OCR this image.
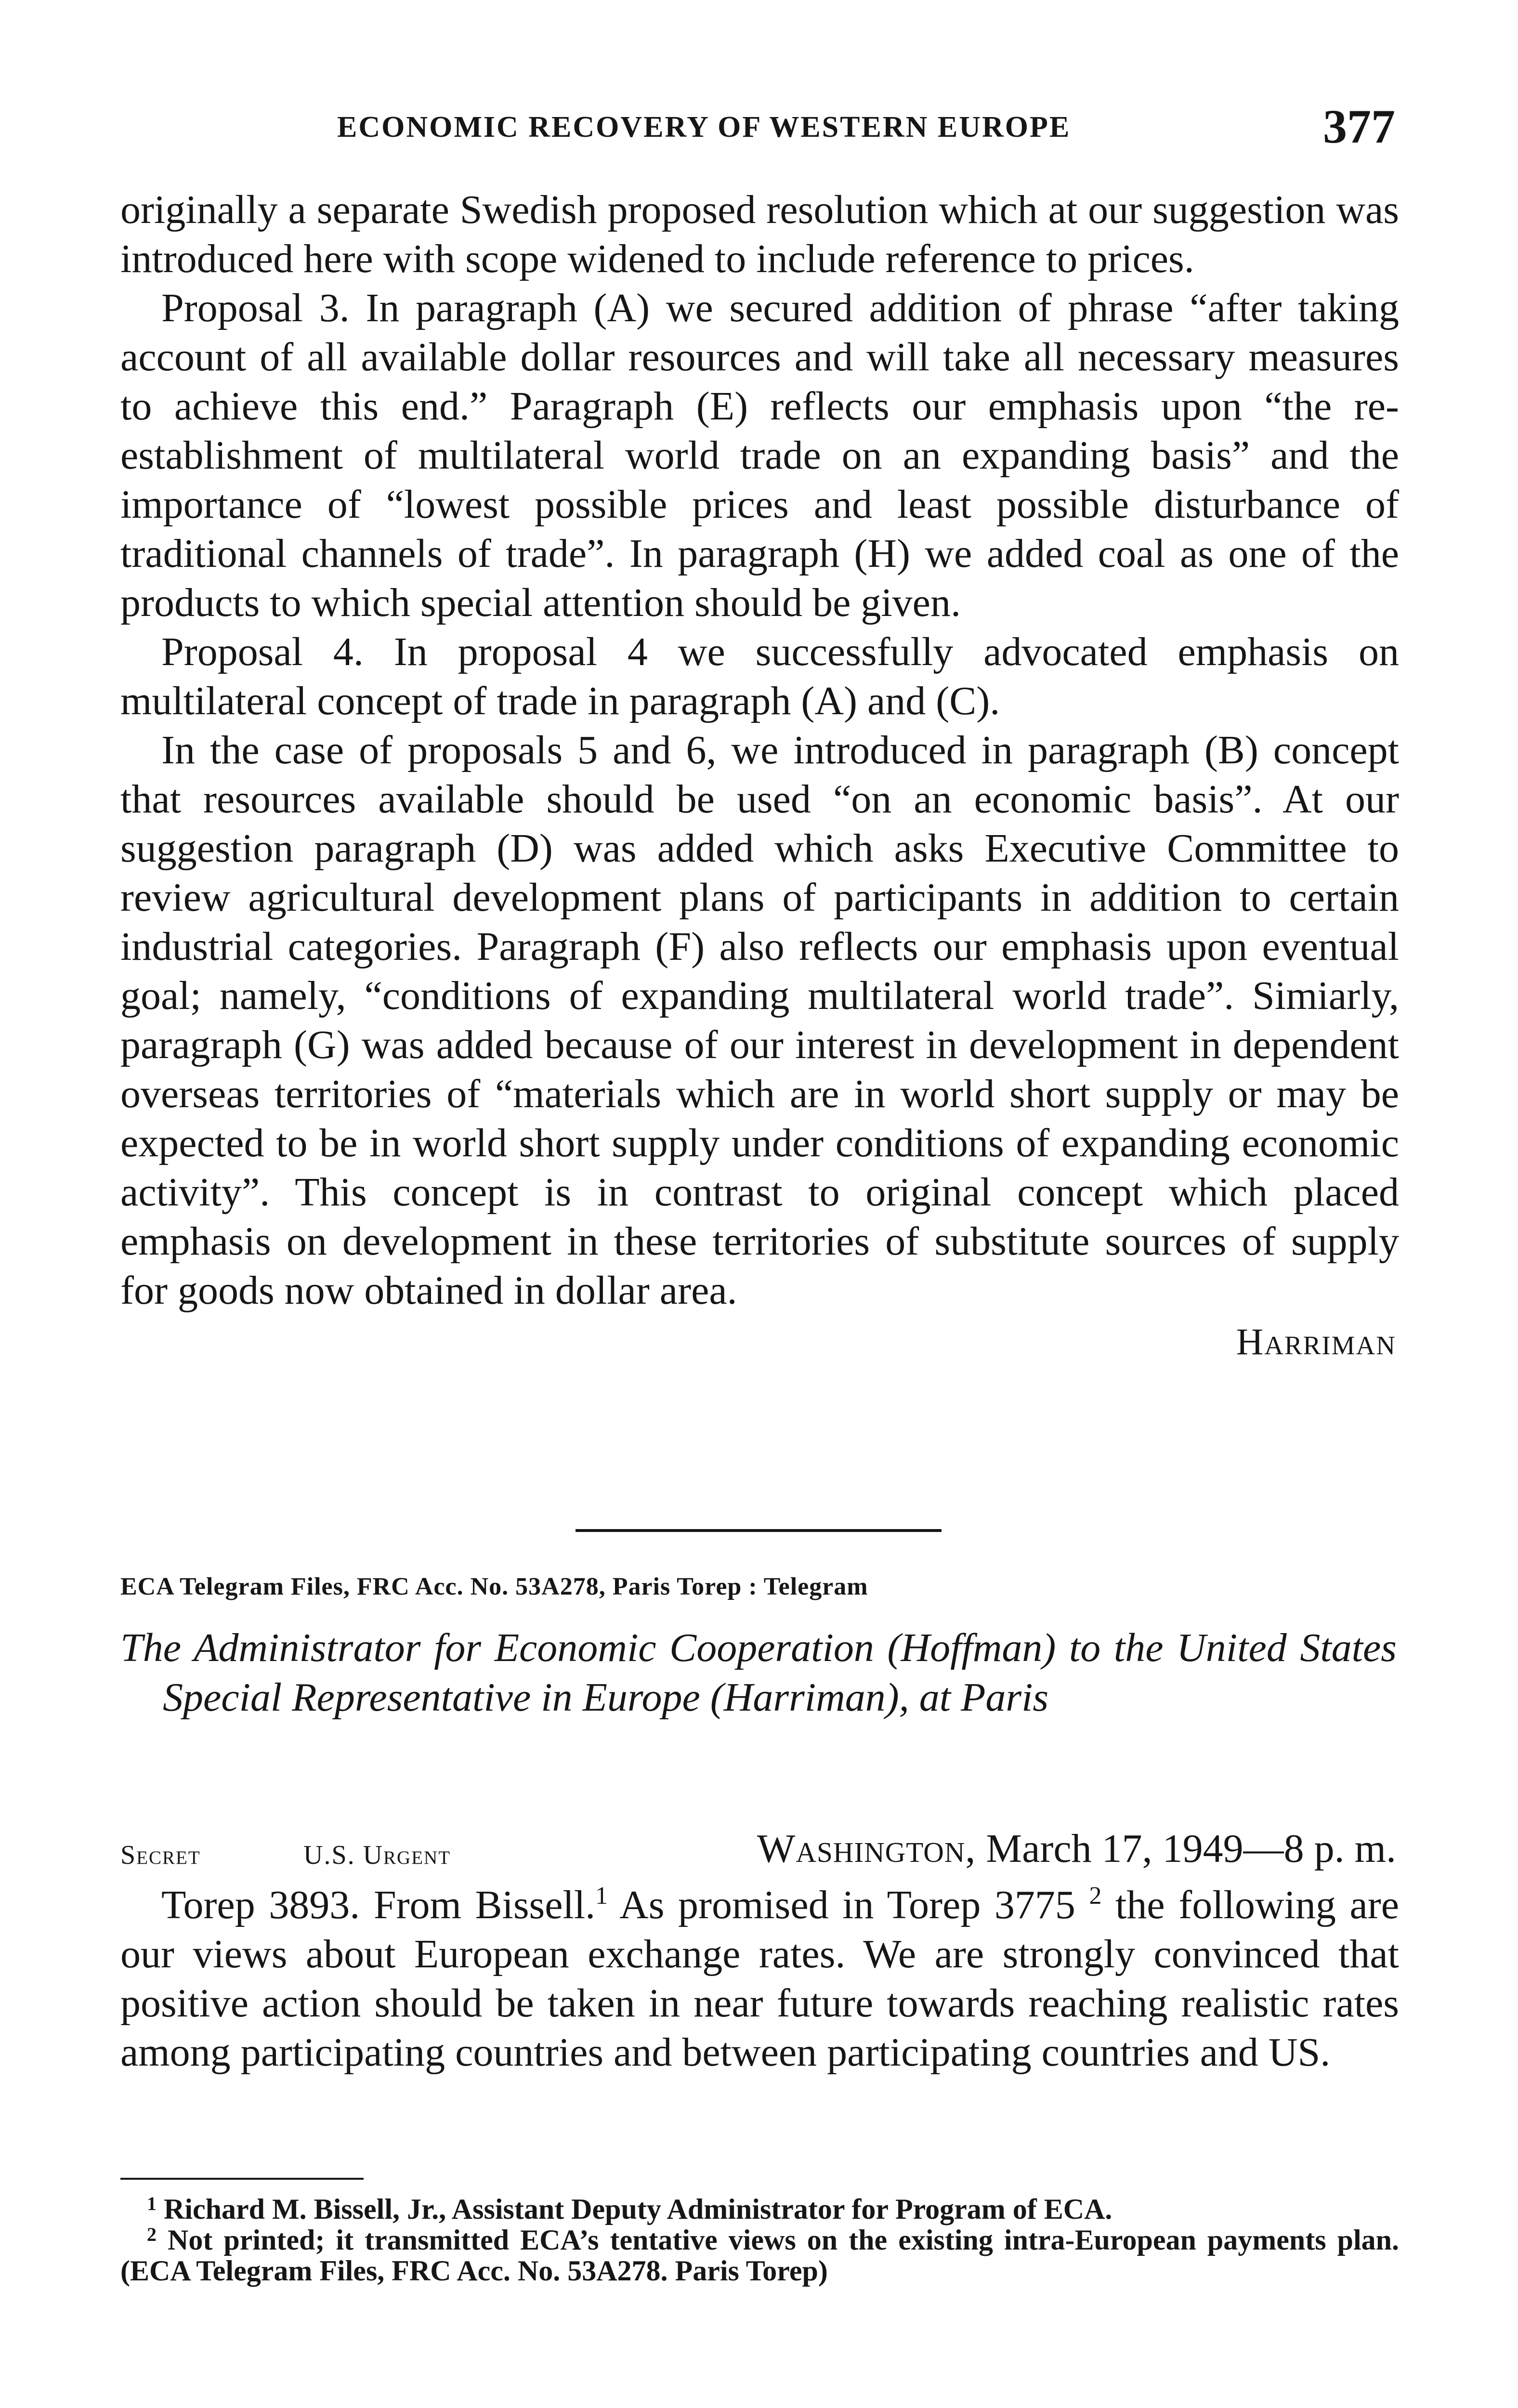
ECONOMIC RECOVERY OF WESTERN EUROPE	377

originally a separate Swedish proposed resolution which at our suggestion was introduced here with scope widened to include reference to prices.

Proposal 3. In paragraph (A) we secured addition of phrase “after taking account of all available dollar resources and will take all necessary measures to achieve this end.” Paragraph (E) reflects our emphasis upon “the re-establishment of multilateral world trade on an expanding basis” and the importance of “lowest possible prices and least possible disturbance of traditional channels of trade”. In paragraph (H) we added coal as one of the products to which special attention should be given.

Proposal 4. In proposal 4 we successfully advocated emphasis on multilateral concept of trade in paragraph (A) and (C).

In the case of proposals 5 and 6, we introduced in paragraph (B) concept that resources available should be used “on an economic basis”. At our suggestion paragraph (D) was added which asks Executive Committee to review agricultural development plans of participants in addition to certain industrial categories. Paragraph (F) also reflects our emphasis upon eventual goal; namely, “conditions of expanding multilateral world trade”. Simiarly, paragraph (G) was added because of our interest in development in dependent overseas territories of “materials which are in world short supply or may be expected to be in world short supply under conditions of expanding economic activity”. This concept is in contrast to original concept which placed emphasis on development in these territories of substitute sources of supply for goods now obtained in dollar area.

Harriman
ECA Telegram Files, FRC Acc. No. 53A278, Paris Torep : Telegram
The Administrator for Economic Cooperation (Hoffman) to the United States Special Representative in Europe (Harriman), at Paris
Secret	U.S. Urgent	Washington, March 17, 1949—8 p. m.

Torep 3893. From Bissell.$^1$ As promised in Torep 3775 $^2$ the following are our views about European exchange rates. We are strongly convinced that positive action should be taken in near future towards reaching realistic rates among participating countries and between participating countries and US.

$^1$ Richard M. Bissell, Jr., Assistant Deputy Administrator for Program of ECA.

$^2$ Not printed; it transmitted ECA’s tentative views on the existing intra-European payments plan. (ECA Telegram Files, FRC Acc. No. 53A278. Paris Torep)
